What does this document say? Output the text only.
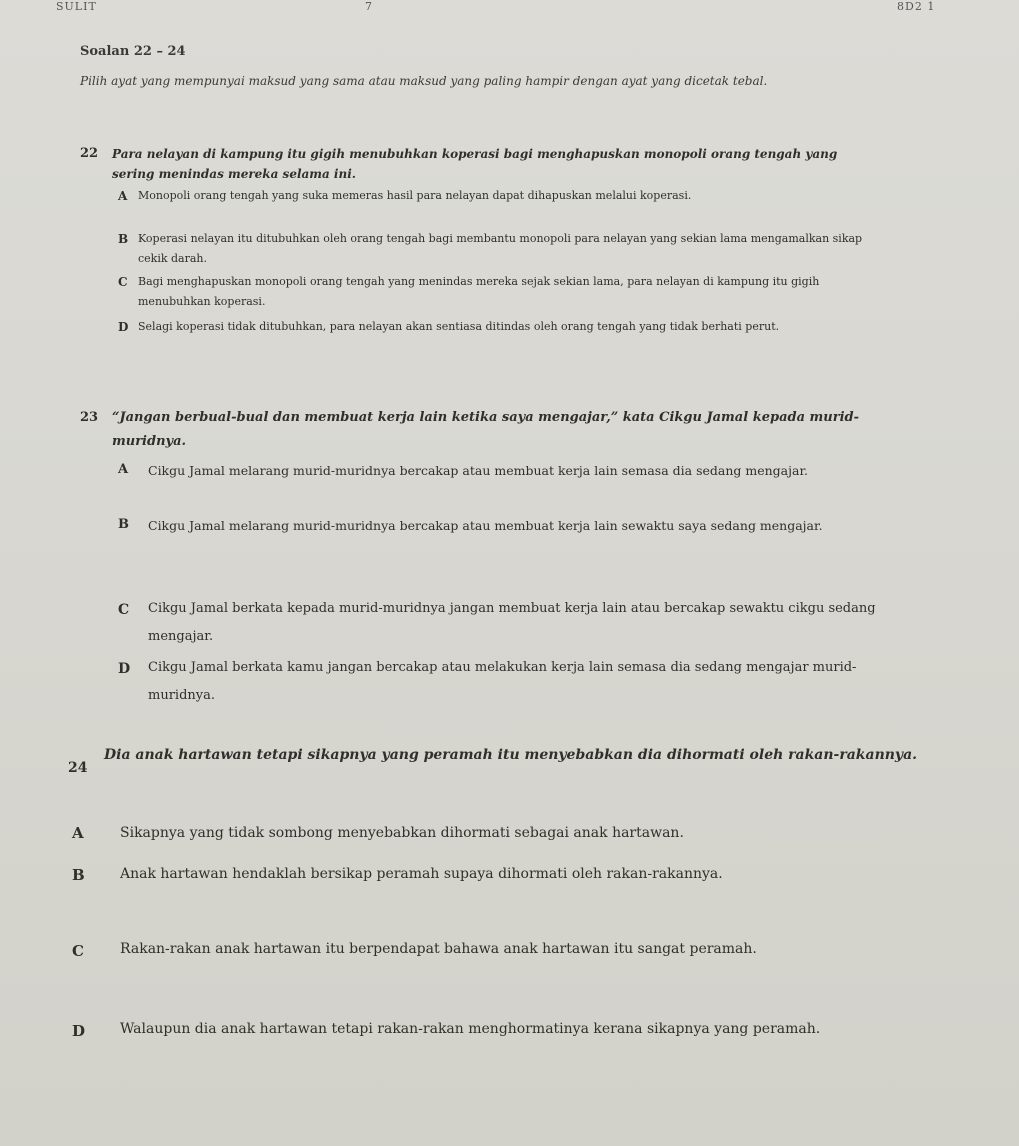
SULIT	7	8D2 1
Soalan 22 – 24
Pilih ayat yang mempunyai maksud yang sama atau maksud yang paling hampir dengan ayat yang dicetak tebal.
22 Para nelayan di kampung itu gigih menubuhkan koperasi bagi menghapuskan monopoli orang tengah yang sering menindas mereka selama ini.
A Monopoli orang tengah yang suka memeras hasil para nelayan dapat dihapuskan melalui koperasi.
B Koperasi nelayan itu ditubuhkan oleh orang tengah bagi membantu monopoli para nelayan yang sekian lama mengamalkan sikap cekik darah.
C Bagi menghapuskan monopoli orang tengah yang menindas mereka sejak sekian lama, para nelayan di kampung itu gigih menubuhkan koperasi.
D Selagi koperasi tidak ditubuhkan, para nelayan akan sentiasa ditindas oleh orang tengah yang tidak berhati perut.
23 “Jangan berbual-bual dan membuat kerja lain ketika saya mengajar,” kata Cikgu Jamal kepada murid-muridnya.
A Cikgu Jamal melarang murid-muridnya bercakap atau membuat kerja lain semasa dia sedang mengajar.
B Cikgu Jamal melarang murid-muridnya bercakap atau membuat kerja lain sewaktu saya sedang mengajar.
C Cikgu Jamal berkata kepada murid-muridnya jangan membuat kerja lain atau bercakap sewaktu cikgu sedang mengajar.
D Cikgu Jamal berkata kamu jangan bercakap atau melakukan kerja lain semasa dia sedang mengajar murid-muridnya.
24
Dia anak hartawan tetapi sikapnya yang peramah itu menyebabkan dia dihormati oleh rakan-rakannya.
A	Sikapnya yang tidak sombong menyebabkan dihormati sebagai anak hartawan.
B	Anak hartawan hendaklah bersikap peramah supaya dihormati oleh rakan-rakannya.
C	Rakan-rakan anak hartawan itu berpendapat bahawa anak hartawan itu sangat peramah.
D Walaupun dia anak hartawan tetapi rakan-rakan menghormatinya kerana sikapnya yang peramah.
